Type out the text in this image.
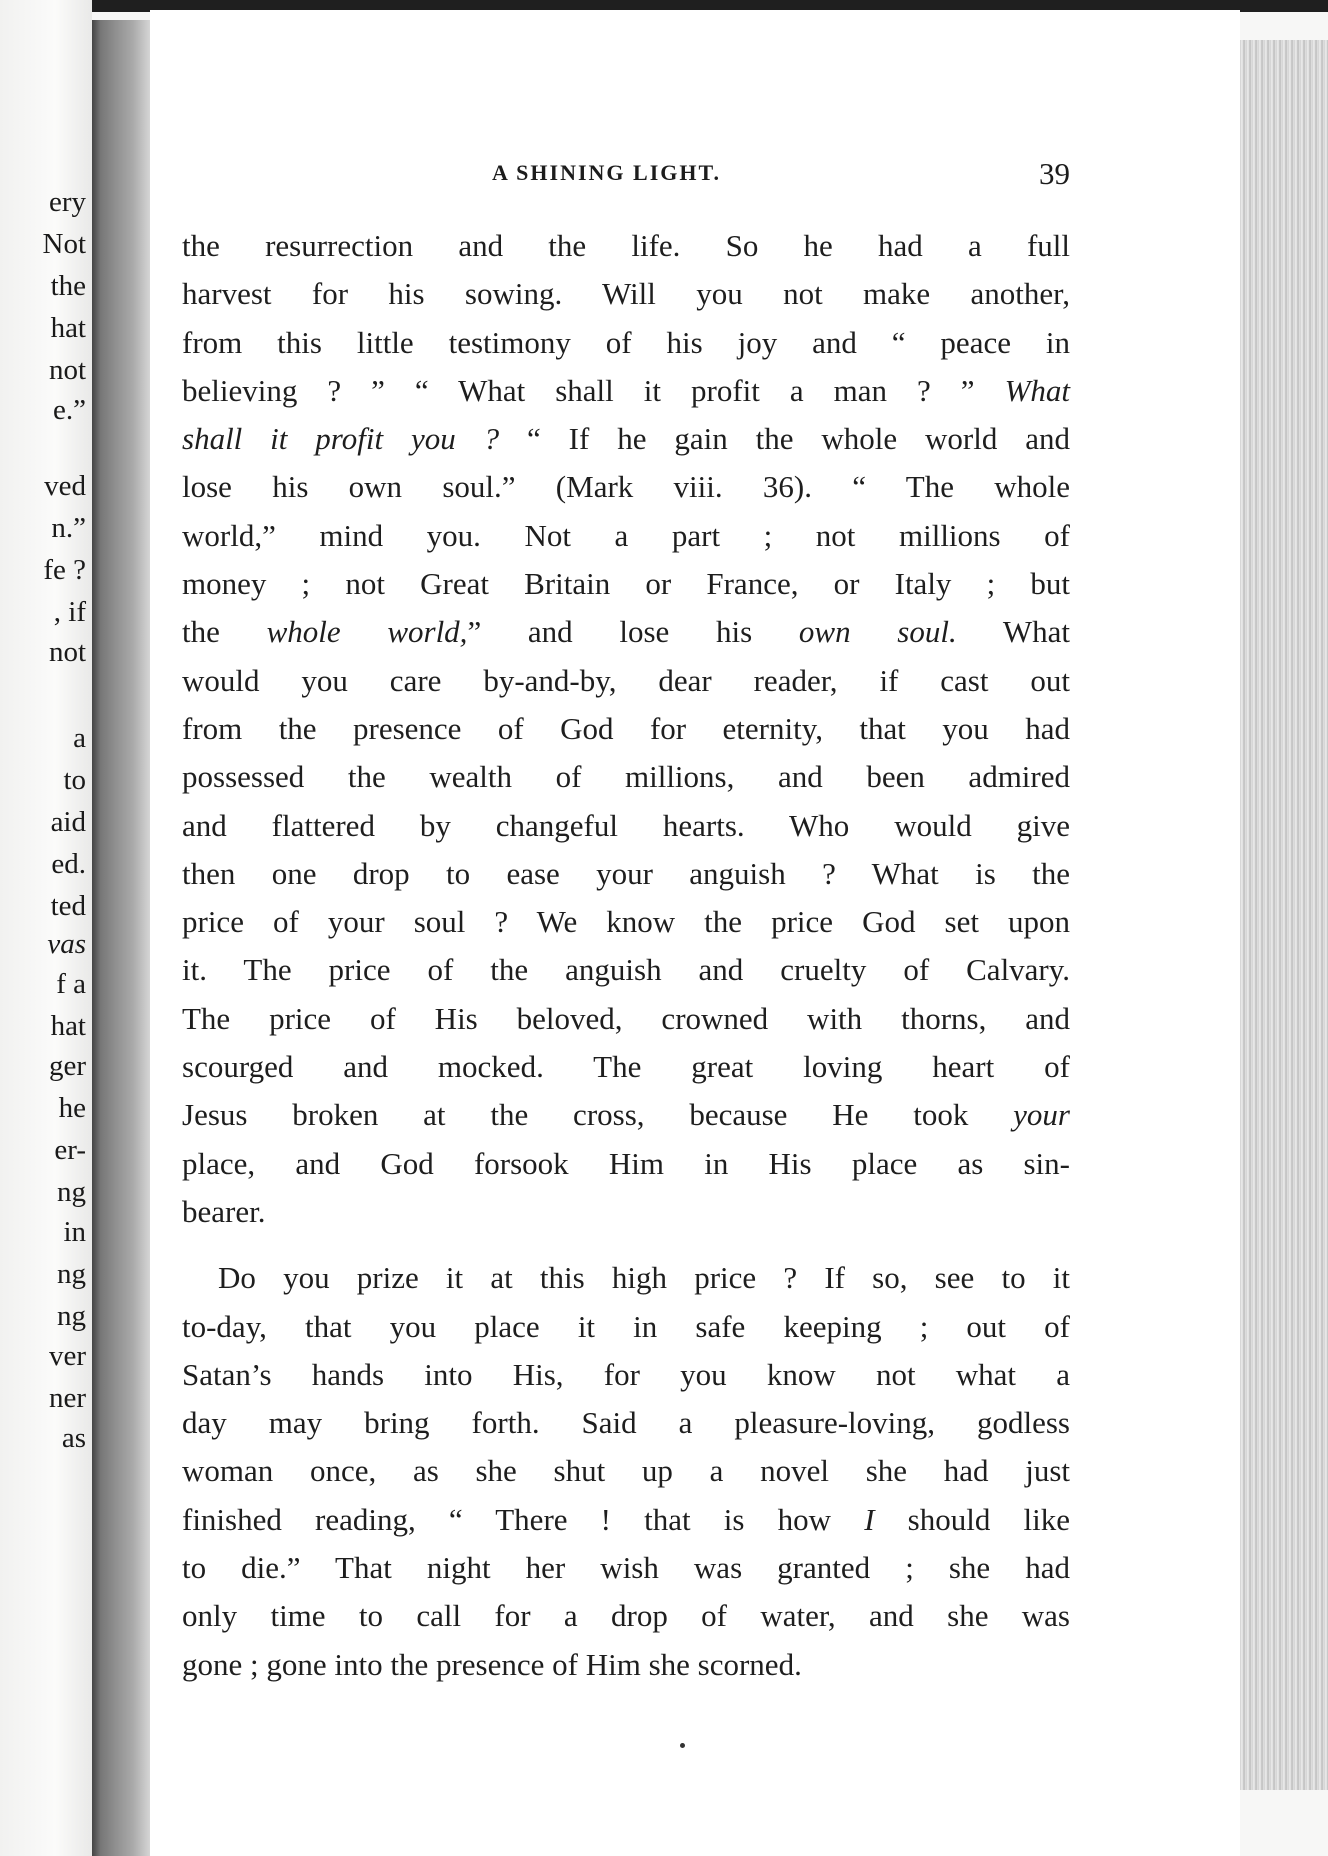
ery
Not
the
hat
not
e.”
ved
n.”
fe ?
, if
not
a
to
aid
ed.
ted
vas
f a
hat
ger
he
er-
ng
in
ng
ng
ver
ner
as
A SHINING LIGHT.	39
the resurrection and the life. So he had a full
harvest for his sowing. Will you not make another,
from this little testimony of his joy and “ peace in
believing ? ” “ What shall it profit a man ? ” What
shall it profit you ? “ If he gain the whole world and
lose his own soul.” (Mark viii. 36). “ The whole
world,” mind you. Not a part ; not millions of
money ; not Great Britain or France, or Italy ; but
the whole world,” and lose his own soul. What
would you care by-and-by, dear reader, if cast out
from the presence of God for eternity, that you had
possessed the wealth of millions, and been admired
and flattered by changeful hearts. Who would give
then one drop to ease your anguish ? What is the
price of your soul ? We know the price God set upon
it. The price of the anguish and cruelty of Calvary.
The price of His beloved, crowned with thorns, and
scourged and mocked. The great loving heart of
Jesus broken at the cross, because He took your
place, and God forsook Him in His place as sin-
bearer.
Do you prize it at this high price ? If so, see to it
to-day, that you place it in safe keeping ; out of
Satan’s hands into His, for you know not what a
day may bring forth. Said a pleasure-loving, godless
woman once, as she shut up a novel she had just
finished reading, “ There ! that is how I should like
to die.” That night her wish was granted ; she had
only time to call for a drop of water, and she was
gone ; gone into the presence of Him she scorned.
